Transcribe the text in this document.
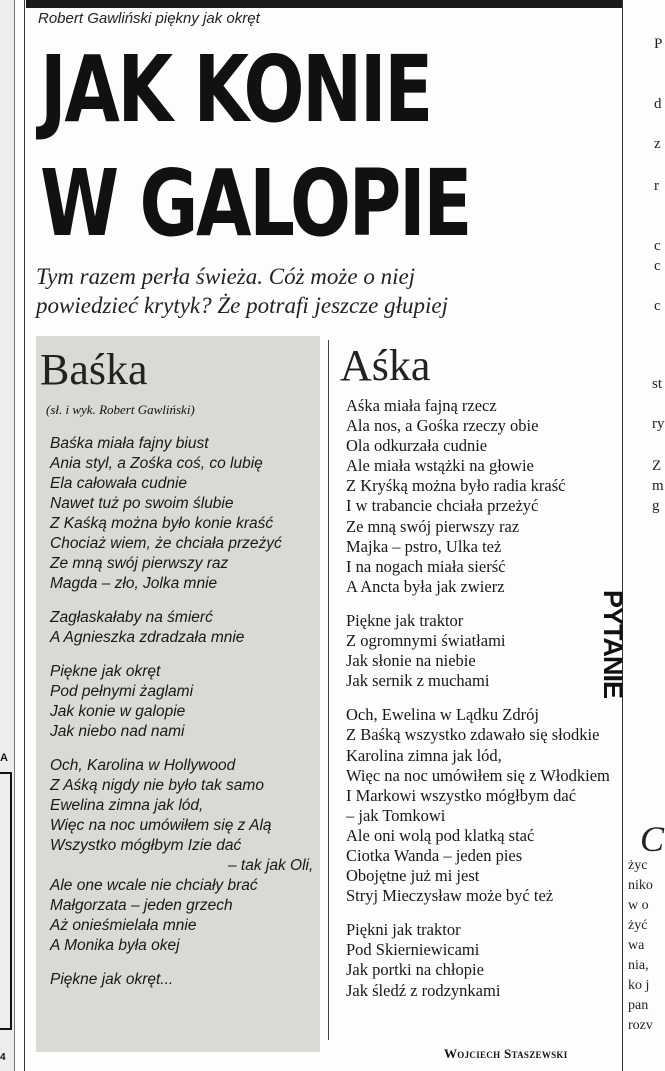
A
4
Robert Gawliński piękny jak okręt
JAK KONIE
W GALOPIE
Tym razem perła świeża. Cóż może o niej
powiedzieć krytyk? Że potrafi jeszcze głupiej
Baśka
(sł. i wyk. Robert Gawliński)
Baśka miała fajny biust
Ania styl, a Zośka coś, co lubię
Ela całowała cudnie
Nawet tuż po swoim ślubie
Z Kaśką można było konie kraść
Chociaż wiem, że chciała przeżyć
Ze mną swój pierwszy raz
Magda – zło, Jolka mnie
Zagłaskałaby na śmierć
A Agnieszka zdradzała mnie
Piękne jak okręt
Pod pełnymi żaglami
Jak konie w galopie
Jak niebo nad nami
Och, Karolina w Hollywood
Z Aśką nigdy nie było tak samo
Ewelina zimna jak lód,
Więc na noc umówiłem się z Alą
Wszystko mógłbym Izie dać
– tak jak Oli,
Ale one wcale nie chciały brać
Małgorzata – jeden grzech
Aż onieśmielała mnie
A Monika była okej
Piękne jak okręt...
Aśka
Aśka miała fajną rzecz
Ala nos, a Gośka rzeczy obie
Ola odkurzała cudnie
Ale miała wstążki na głowie
Z Kryśką można było radia kraść
I w trabancie chciała przeżyć
Ze mną swój pierwszy raz
Majka – pstro, Ulka też
I na nogach miała sierść
A Ancta była jak zwierz
Piękne jak traktor
Z ogromnymi światłami
Jak słonie na niebie
Jak sernik z muchami
Och, Ewelina w Lądku Zdrój
Z Baśką wszystko zdawało się słodkie
Karolina zimna jak lód,
Więc na noc umówiłem się z Włodkiem
I Markowi wszystko mógłbym dać
– jak Tomkowi
Ale oni wolą pod klatką stać
Ciotka Wanda – jeden pies
Obojętne już mi jest
Stryj Mieczysław może być też
Piękni jak traktor
Pod Skierniewicami
Jak portki na chłopie
Jak śledź z rodzynkami
Wojciech Staszewski
P
d
z
r
c
c
c
st
ry
Z
m
g
PYTANIE
C
życ
niko
w o
żyć
wa
nia,
ko j
pan
rozv
